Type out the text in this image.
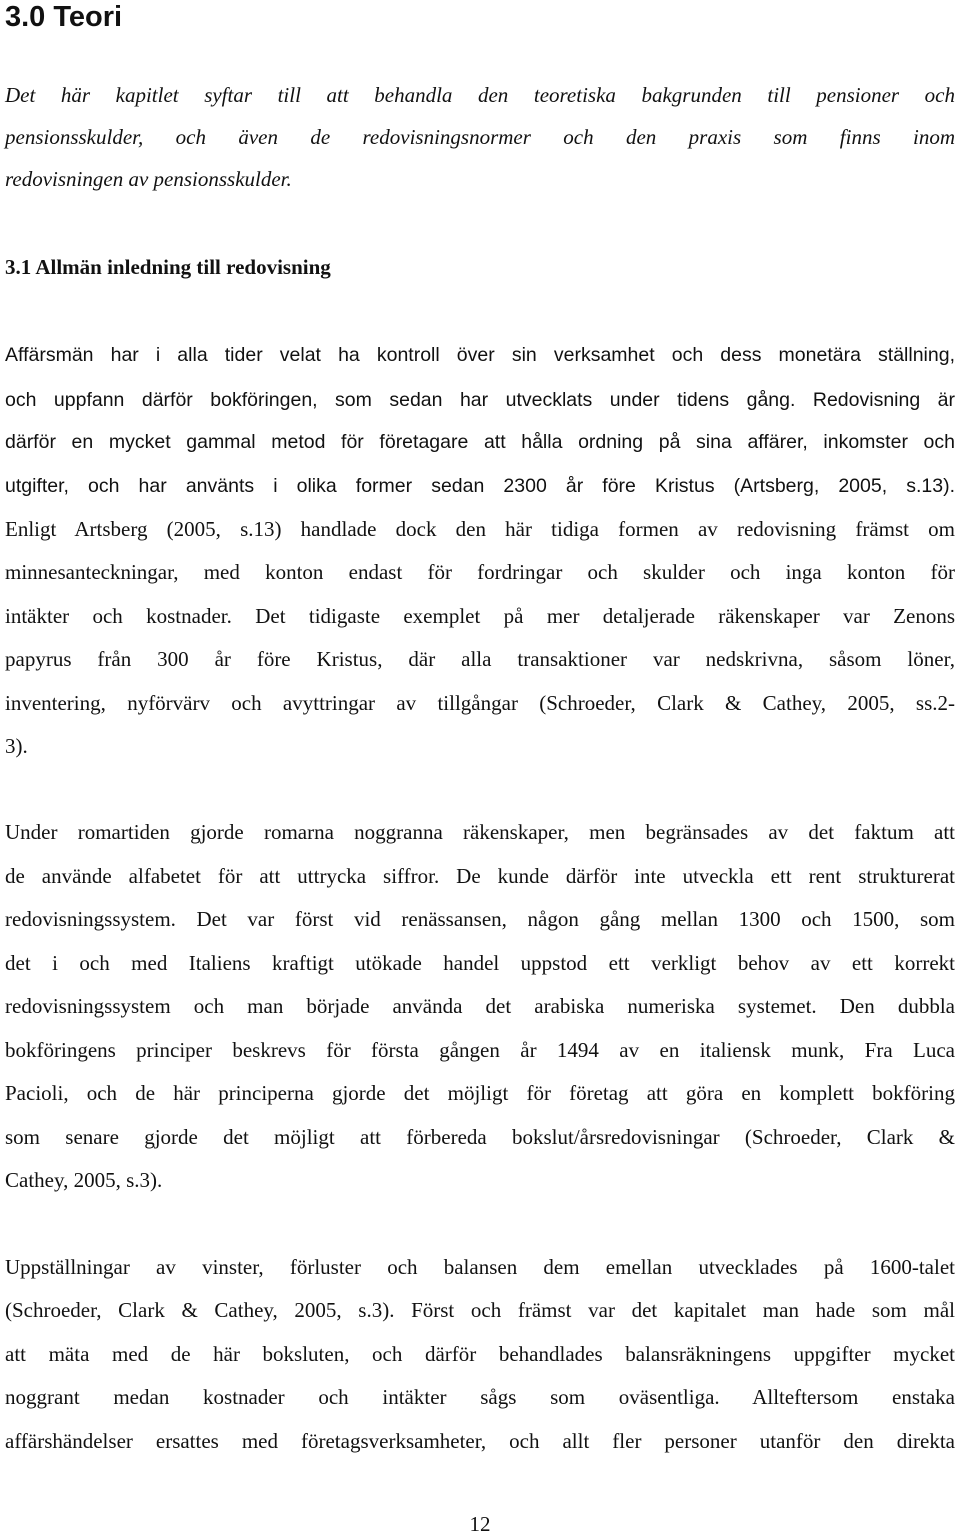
3.0 Teori
Det här kapitlet syftar till att behandla den teoretiska bakgrunden till pensioner och
pensionsskulder, och även de redovisningsnormer och den praxis som finns inom
redovisningen av pensionsskulder.
3.1 Allmän inledning till redovisning
Affärsmän har i alla tider velat ha kontroll över sin verksamhet och dess monetära ställning,
och uppfann därför bokföringen, som sedan har utvecklats under tidens gång. Redovisning är
därför en mycket gammal metod för företagare att hålla ordning på sina affärer, inkomster och
utgifter, och har använts i olika former sedan 2300 år före Kristus (Artsberg, 2005, s.13).
Enligt Artsberg (2005, s.13) handlade dock den här tidiga formen av redovisning främst om
minnesanteckningar, med konton endast för fordringar och skulder och inga konton för
intäkter och kostnader. Det tidigaste exemplet på mer detaljerade räkenskaper var Zenons
papyrus från 300 år före Kristus, där alla transaktioner var nedskrivna, såsom löner,
inventering, nyförvärv och avyttringar av tillgångar (Schroeder, Clark & Cathey, 2005, ss.2-
3).
Under romartiden gjorde romarna noggranna räkenskaper, men begränsades av det faktum att
de använde alfabetet för att uttrycka siffror. De kunde därför inte utveckla ett rent strukturerat
redovisningssystem. Det var först vid renässansen, någon gång mellan 1300 och 1500, som
det i och med Italiens kraftigt utökade handel uppstod ett verkligt behov av ett korrekt
redovisningssystem och man började använda det arabiska numeriska systemet. Den dubbla
bokföringens principer beskrevs för första gången år 1494 av en italiensk munk, Fra Luca
Pacioli, och de här principerna gjorde det möjligt för företag att göra en komplett bokföring
som senare gjorde det möjligt att förbereda bokslut/årsredovisningar (Schroeder, Clark &
Cathey, 2005, s.3).
Uppställningar av vinster, förluster och balansen dem emellan utvecklades på 1600-talet
(Schroeder, Clark & Cathey, 2005, s.3). Först och främst var det kapitalet man hade som mål
att mäta med de här boksluten, och därför behandlades balansräkningens uppgifter mycket
noggrant medan kostnader och intäkter sågs som oväsentliga. Allteftersom enstaka
affärshändelser ersattes med företagsverksamheter, och allt fler personer utanför den direkta
12
